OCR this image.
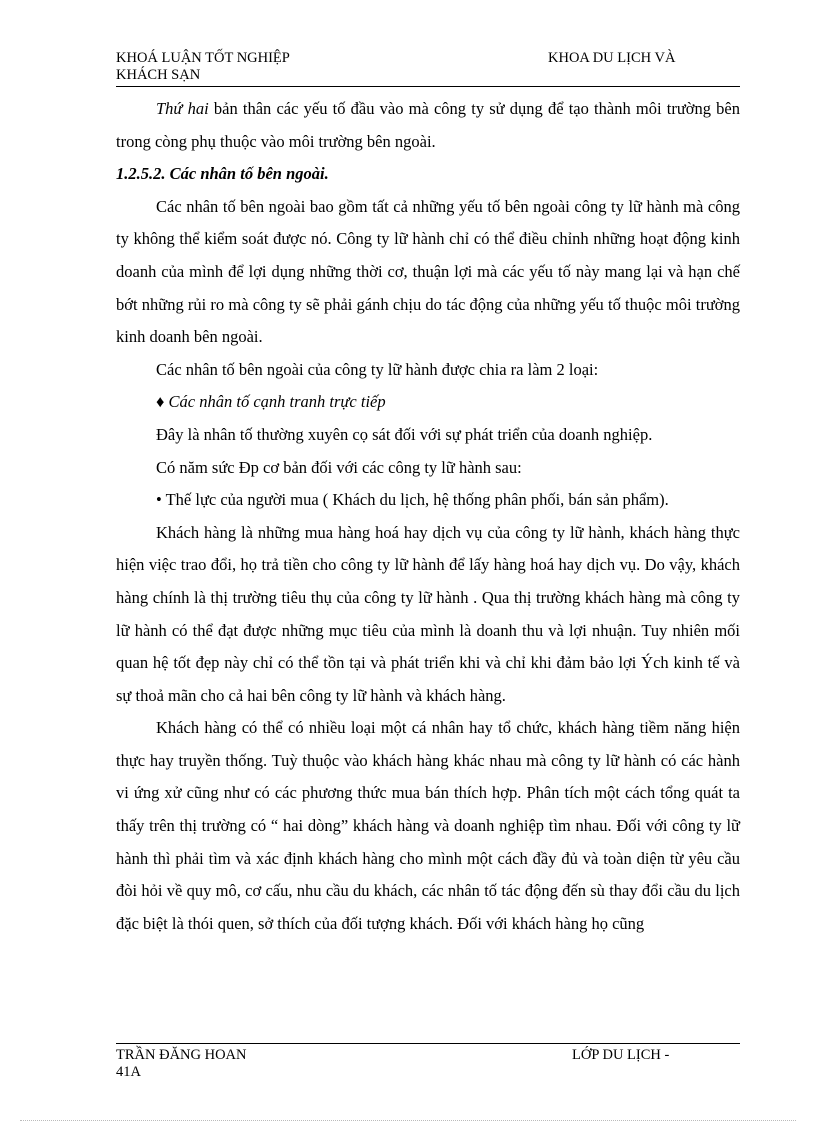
KHOÁ LUẬN TỐT NGHIỆP	KHOA DU LỊCH VÀ
KHÁCH SẠN

Thứ hai bản thân các yếu tố đầu vào mà công ty sử dụng để tạo thành môi trường bên trong còng phụ thuộc vào môi trường bên ngoài.

1.2.5.2. Các nhân tố bên ngoài.

Các nhân tố bên ngoài bao gồm tất cả những yếu tố bên ngoài công ty lữ hành mà công ty không thể kiểm soát được nó. Công ty lữ hành chỉ có thể điều chỉnh những hoạt động kinh doanh của mình để lợi dụng những thời cơ, thuận lợi mà các yếu tố này mang lại và hạn chế bớt những rủi ro mà công ty sẽ phải gánh chịu do tác động của những yếu tố thuộc môi trường kinh doanh bên ngoài.

Các nhân tố bên ngoài của công ty lữ hành được chia ra làm 2 loại:

♦ Các nhân tố cạnh tranh trực tiếp

Đây là nhân tố thường xuyên cọ sát đối với sự phát triển của doanh nghiệp.

Có năm sức Ðp cơ bản đối với các công ty lữ hành sau:

• Thế lực của người mua ( Khách du lịch, hệ thống phân phối, bán sản phẩm).

Khách hàng là những mua hàng hoá hay dịch vụ của công ty lữ hành, khách hàng thực hiện việc trao đổi, họ trả tiền cho công ty lữ hành để lấy hàng hoá hay dịch vụ. Do vậy, khách hàng chính là thị trường tiêu thụ của công ty lữ hành . Qua thị trường khách hàng mà công ty lữ hành có thể đạt được những mục tiêu của mình là doanh thu và lợi nhuận. Tuy nhiên mối quan hệ tốt đẹp này chỉ có thể tồn tại và phát triển khi và chỉ khi đảm bảo lợi Ých kinh tế và sự thoả mãn cho cả hai bên công ty lữ hành và khách hàng.

Khách hàng có thể có nhiều loại một cá nhân hay tổ chức, khách hàng tiềm năng hiện thực hay truyền thống. Tuỳ thuộc vào khách hàng khác nhau mà công ty lữ hành có các hành vi ứng xử cũng như có các phương thức mua bán thích hợp. Phân tích một cách tổng quát ta thấy trên thị trường có “ hai dòng” khách hàng và doanh nghiệp tìm nhau. Đối với công ty lữ hành thì phải tìm và xác định khách hàng cho mình một cách đầy đủ và toàn diện từ yêu cầu đòi hỏi về quy mô, cơ cấu, nhu cầu du khách, các nhân tố tác động đến sù thay đổi cầu du lịch đặc biệt là thói quen, sở thích của đối tượng khách. Đối với khách hàng họ cũng

TRẦN ĐĂNG HOAN	LỚP DU LỊCH -
41A
